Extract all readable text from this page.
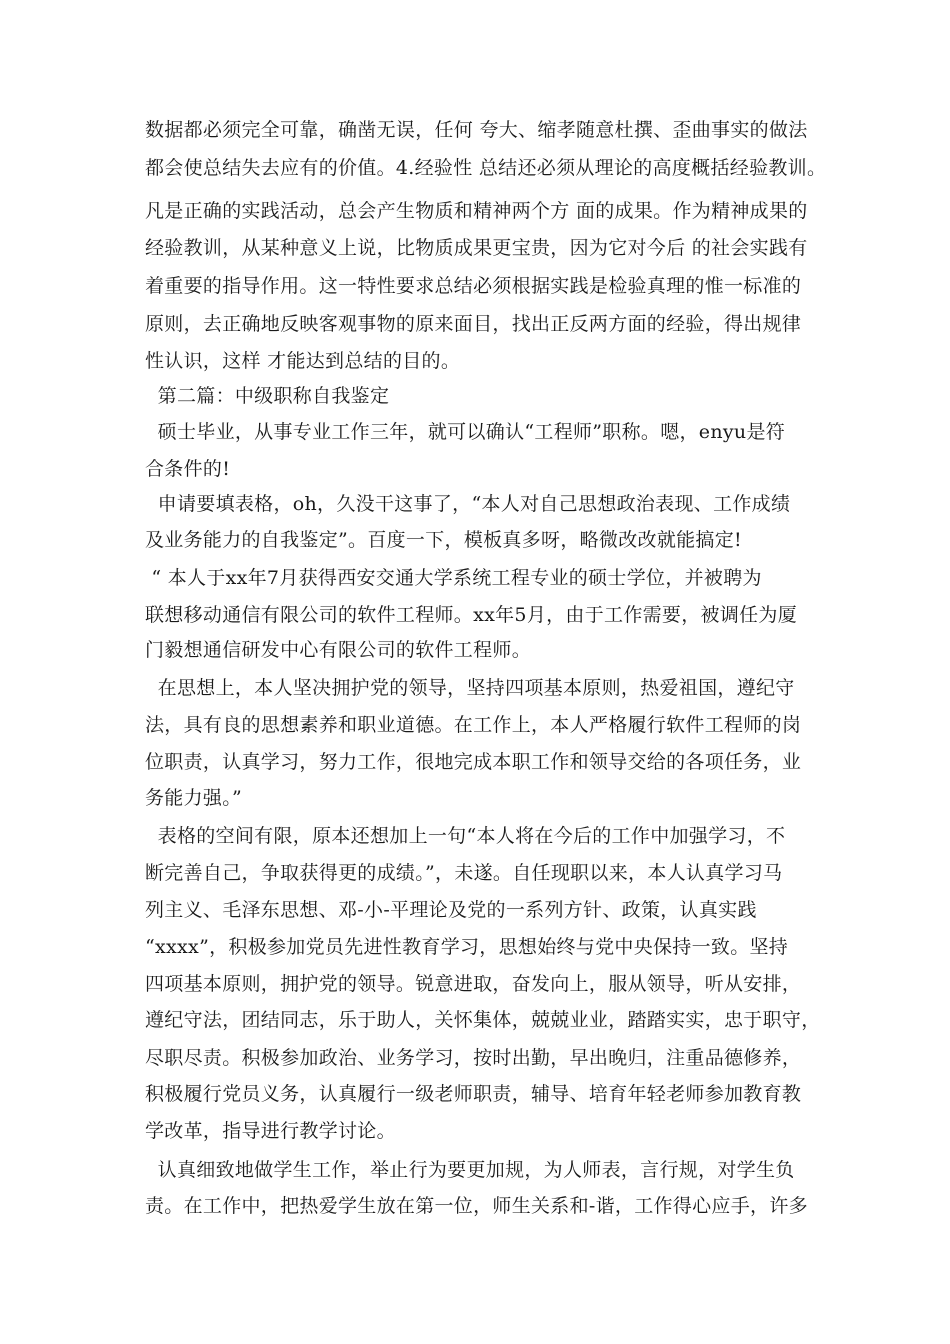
数据都必须完全可靠，确凿无误，任何 夸大、缩孝随意杜撰、歪曲事实的做法
都会使总结失去应有的价值。4.经验性 总结还必须从理论的高度概括经验教训。
凡是正确的实践活动，总会产生物质和精神两个方 面的成果。作为精神成果的
经验教训，从某种意义上说，比物质成果更宝贵，因为它对今后 的社会实践有
着重要的指导作用。这一特性要求总结必须根据实践是检验真理的惟一标准的
原则，去正确地反映客观事物的原来面目，找出正反两方面的经验，得出规律
性认识，这样 才能达到总结的目的。
第二篇：中级职称自我鉴定
硕士毕业，从事专业工作三年，就可以确认“工程师”职称。嗯，enyu是符
合条件的!
申请要填表格，oh，久没干这事了，“本人对自己思想政治表现、工作成绩
及业务能力的自我鉴定”。百度一下，模板真多呀，略微改改就能搞定!
“ 本人于xx年7月获得西安交通大学系统工程专业的硕士学位，并被聘为
联想移动通信有限公司的软件工程师。xx年5月，由于工作需要，被调任为厦
门毅想通信研发中心有限公司的软件工程师。
在思想上，本人坚决拥护党的领导，坚持四项基本原则，热爱祖国，遵纪守
法，具有良的思想素养和职业道德。在工作上，本人严格履行软件工程师的岗
位职责，认真学习，努力工作，很地完成本职工作和领导交给的各项任务，业
务能力强。”
表格的空间有限，原本还想加上一句“本人将在今后的工作中加强学习，不
断完善自己，争取获得更的成绩。”，未遂。自任现职以来，本人认真学习马
列主义、毛泽东思想、邓-小-平理论及党的一系列方针、政策，认真实践
“xxxx”，积极参加党员先进性教育学习，思想始终与党中央保持一致。坚持
四项基本原则，拥护党的领导。锐意进取，奋发向上，服从领导，听从安排，
遵纪守法，团结同志，乐于助人，关怀集体，兢兢业业，踏踏实实，忠于职守，
尽职尽责。积极参加政治、业务学习，按时出勤，早出晚归，注重品德修养，
积极履行党员义务，认真履行一级老师职责，辅导、培育年轻老师参加教育教
学改革，指导进行教学讨论。
认真细致地做学生工作，举止行为要更加规，为人师表，言行规，对学生负
责。在工作中，把热爱学生放在第一位，师生关系和-谐，工作得心应手，许多
